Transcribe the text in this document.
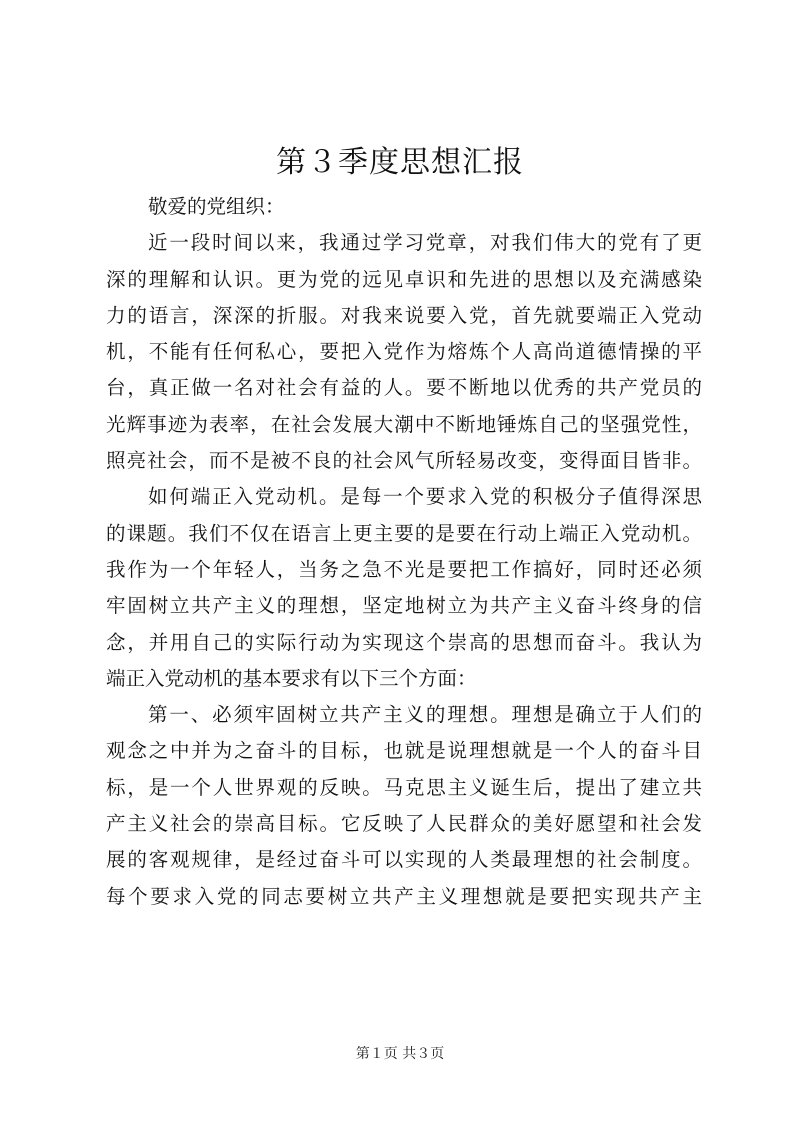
第３季度思想汇报
敬爱的党组织：
近一段时间以来，我通过学习党章，对我们伟大的党有了更
深的理解和认识。更为党的远见卓识和先进的思想以及充满感染
力的语言，深深的折服。对我来说要入党，首先就要端正入党动
机，不能有任何私心，要把入党作为熔炼个人高尚道德情操的平
台，真正做一名对社会有益的人。要不断地以优秀的共产党员的
光辉事迹为表率，在社会发展大潮中不断地锤炼自己的坚强党性，
照亮社会，而不是被不良的社会风气所轻易改变，变得面目皆非。
如何端正入党动机。是每一个要求入党的积极分子值得深思
的课题。我们不仅在语言上更主要的是要在行动上端正入党动机。
我作为一个年轻人，当务之急不光是要把工作搞好，同时还必须
牢固树立共产主义的理想，坚定地树立为共产主义奋斗终身的信
念，并用自己的实际行动为实现这个崇高的思想而奋斗。我认为
端正入党动机的基本要求有以下三个方面：
第一、必须牢固树立共产主义的理想。理想是确立于人们的
观念之中并为之奋斗的目标，也就是说理想就是一个人的奋斗目
标，是一个人世界观的反映。马克思主义诞生后，提出了建立共
产主义社会的崇高目标。它反映了人民群众的美好愿望和社会发
展的客观规律，是经过奋斗可以实现的人类最理想的社会制度。
每个要求入党的同志要树立共产主义理想就是要把实现共产主
第１页 共３页
